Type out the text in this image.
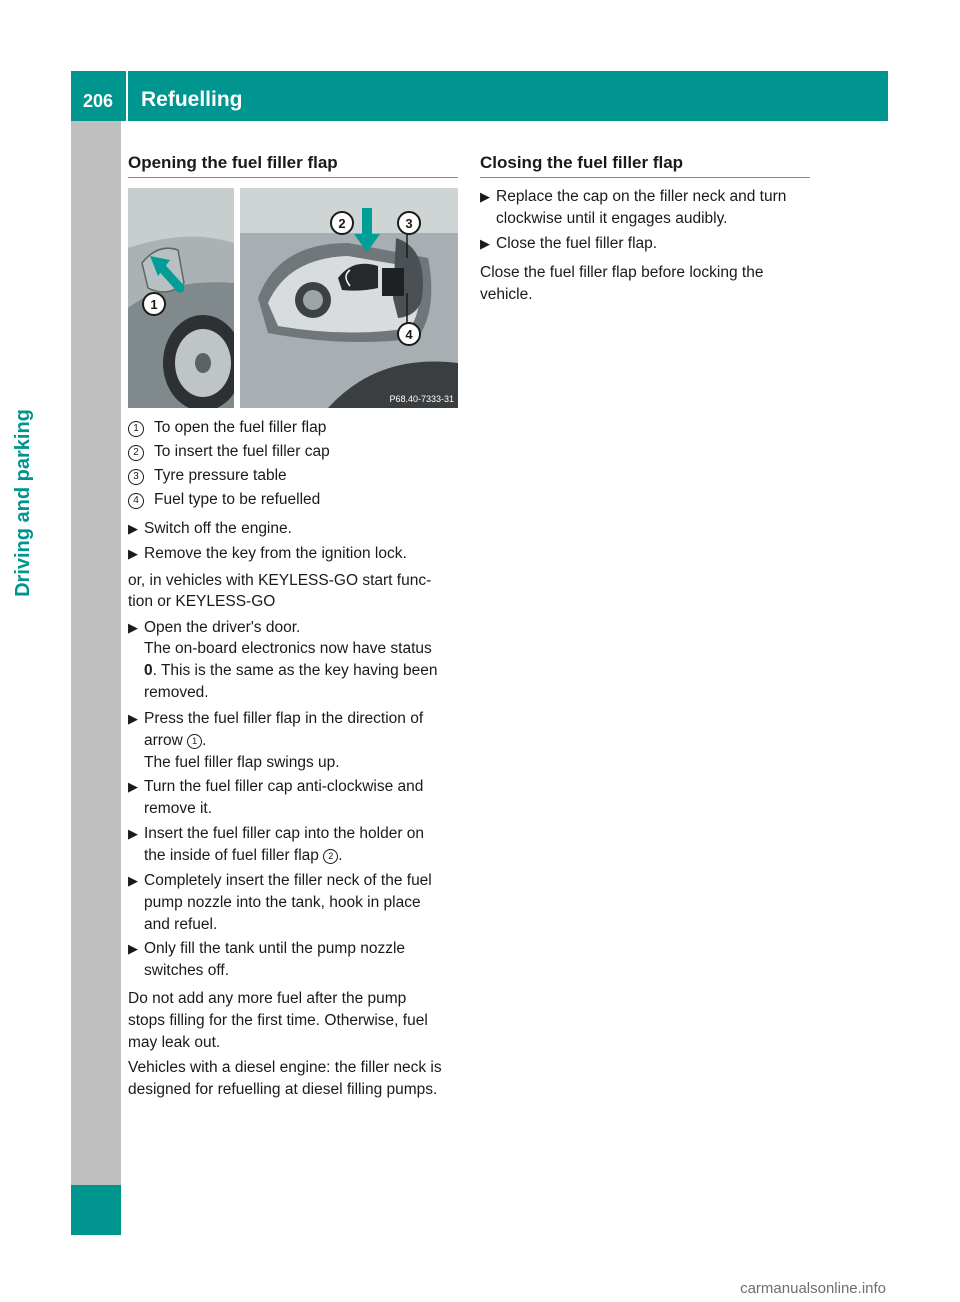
206 Refuelling
Driving and parking
Opening the fuel filler flap
1
2	3
4
P68.40-7333-31
1 To open the fuel filler flap
2 To insert the fuel filler cap
3 Tyre pressure table
4 Fuel type to be refuelled
▶ Switch off the engine.
▶ Remove the key from the ignition lock.
or, in vehicles with KEYLESS-GO start func-
tion or KEYLESS-GO
▶ Open the driver's door.
The on-board electronics now have status
0. This is the same as the key having been
removed.
▶ Press the fuel filler flap in the direction of
arrow 1 .
The fuel filler flap swings up.
▶ Turn the fuel filler cap anti-clockwise and
remove it.
▶ Insert the fuel filler cap into the holder on
the inside of fuel filler flap 2 .
▶ Completely insert the filler neck of the fuel
pump nozzle into the tank, hook in place
and refuel.
▶ Only fill the tank until the pump nozzle
switches off.
Do not add any more fuel after the pump
stops filling for the first time. Otherwise, fuel
may leak out.
Vehicles with a diesel engine: the filler neck is
designed for refuelling at diesel filling pumps.
Closing the fuel filler flap
▶ Replace the cap on the filler neck and turn
clockwise until it engages audibly.
▶ Close the fuel filler flap.
Close the fuel filler flap before locking the
vehicle.
carmanualsonline.info
